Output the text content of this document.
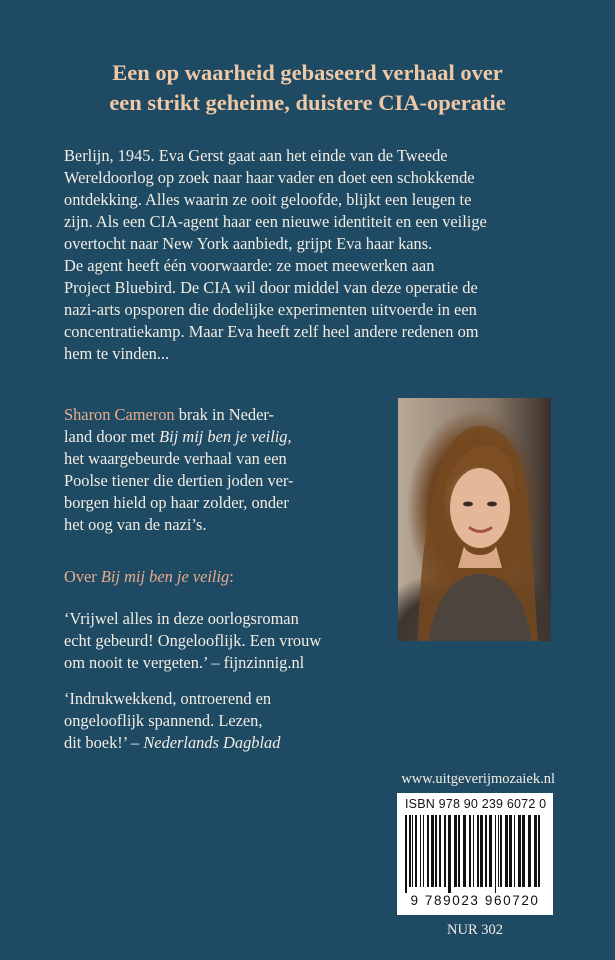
Een op waarheid gebaseerd verhaal over
een strikt geheime, duistere CIA-operatie
Berlijn, 1945. Eva Gerst gaat aan het einde van de Tweede
Wereldoorlog op zoek naar haar vader en doet een schokkende
ontdekking. Alles waarin ze ooit geloofde, blijkt een leugen te
zijn. Als een CIA-agent haar een nieuwe identiteit en een veilige
overtocht naar New York aanbiedt, grijpt Eva haar kans.
De agent heeft één voorwaarde: ze moet meewerken aan
Project Bluebird. De CIA wil door middel van deze operatie de
nazi-arts opsporen die dodelijke experimenten uitvoerde in een
concentratiekamp. Maar Eva heeft zelf heel andere redenen om
hem te vinden...
Sharon Cameron brak in Neder-
land door met Bij mij ben je veilig,
het waargebeurde verhaal van een
Poolse tiener die dertien joden ver-
borgen hield op haar zolder, onder
het oog van de nazi’s.
Over Bij mij ben je veilig:
‘Vrijwel alles in deze oorlogsroman
echt gebeurd! Ongelooflijk. Een vrouw
om nooit te vergeten.’ – fijnzinnig.nl
‘Indrukwekkend, ontroerend en
ongelooflijk spannend. Lezen,
dit boek!’ – Nederlands Dagblad
www.uitgeverijmozaiek.nl
ISBN 978 90 239 6072 0
9 789023 960720
NUR 302
